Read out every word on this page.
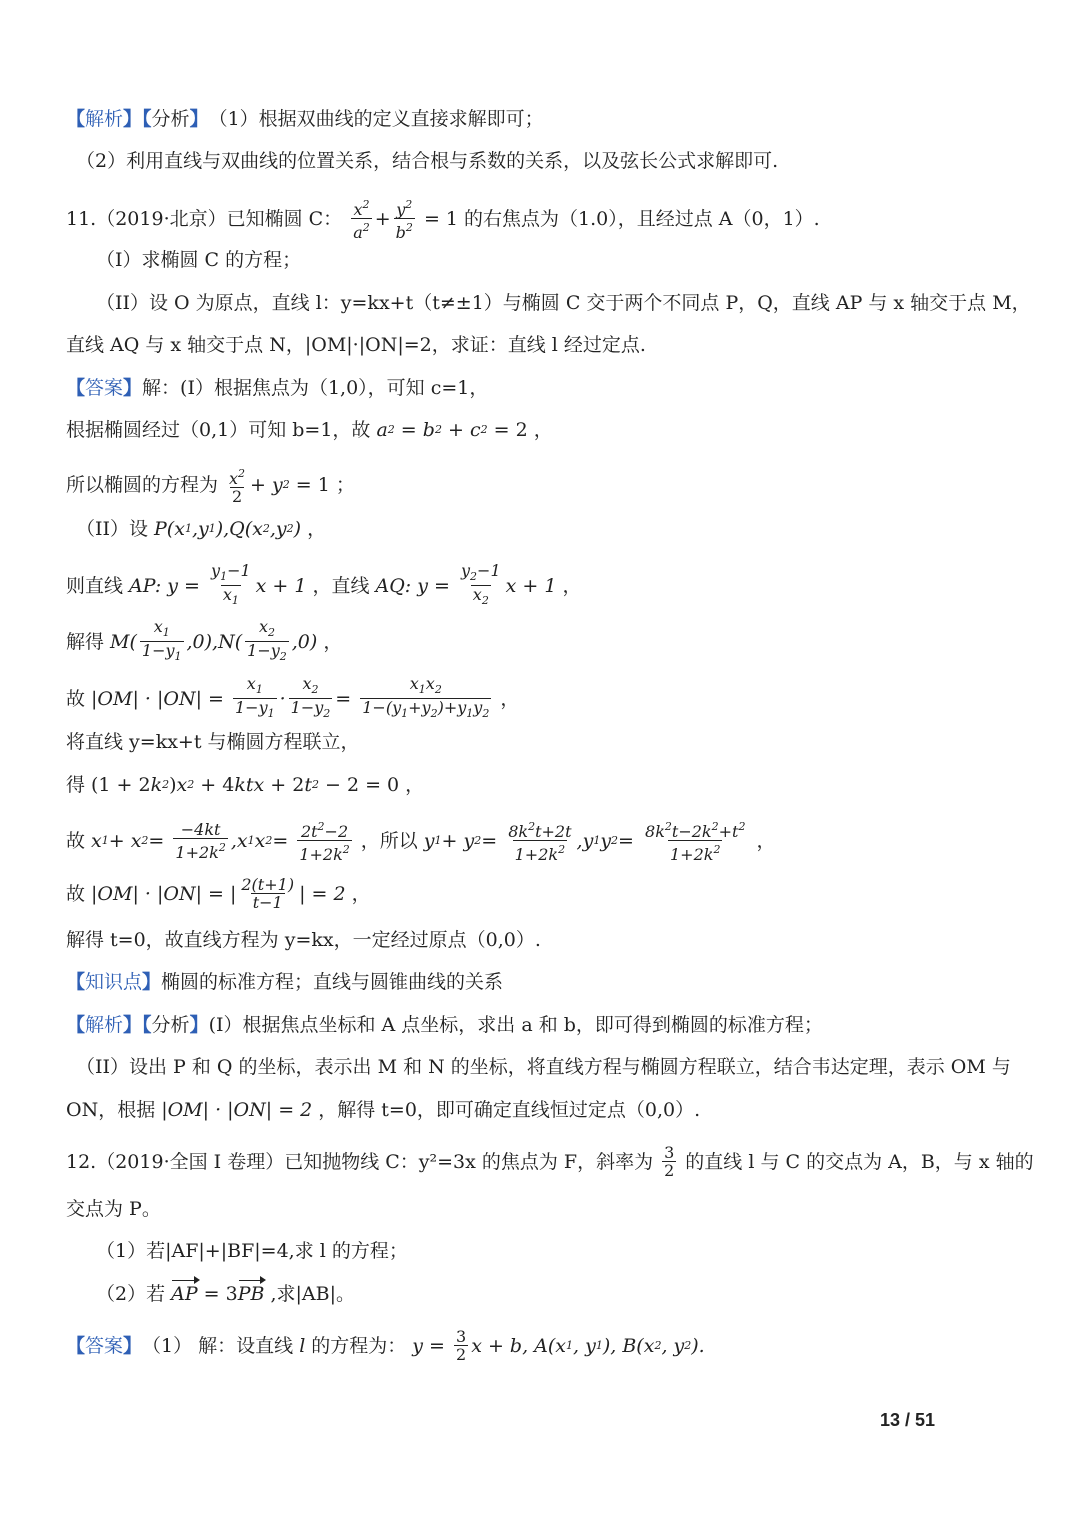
【 解析 】【 分析 】 （1）根据双曲线的定义直接求解即可；
（2）利用直线与双曲线的位置关系，结合根与系数的关系，以及弦长公式求解即可.
11.（2019·北京）已知椭圆 C： $\frac{x^2}{a^2} + \frac{y^2}{b^2} = 1$ 的右焦点为（1.0），且经过点 A（0，1）.
（I）求椭圆 C 的方程；
（II）设 O 为原点，直线 l：y=kx+t（t≠±1）与椭圆 C 交于两个不同点 P，Q，直线 AP 与 x 轴交于点 M，
直线 AQ 与 x 轴交于点 N，|OM|·|ON|=2，求证：直线 l 经过定点.
【 答案 】 解：(I）根据焦点为（1,0），可知 c=1，
根据椭圆经过（0,1）可知 b=1，故 a 2 = b 2 + c 2 = 2 ，
所以椭圆的方程为 $\frac{x^2}{2} + y$ 2 = 1 ；
（II）设 P(x 1 ,y 1 ),Q(x 2 ,y 2 ) ，
则直线 AP: $y = \frac{y_1-1}{x_1}$ x + 1 ，直线 AQ: $y = \frac{y_2-1}{x_2}$ x + 1 ，
解得 $M( \frac{x_1}{1-y_1} ,0),N( \frac{x_2}{1-y_2} ,0)$ ，
故 $|OM| \cdot |ON| = \frac{x_1}{1-y_1} \cdot \frac{x_2}{1-y_2} = \frac{x_1x_2}{1-(y_1+y_2)+y_1y_2}$ ，
将直线 y=kx+t 与椭圆方程联立，
得 (1 + 2 k 2 ) x 2 + 4 ktx + 2 t 2 − 2 = 0 ，
故 x 1 + x $2 = \frac{-4kt}{1+2k^2} ,x$ 1 x $2 = \frac{2t^2-2}{1+2k^2}$ ，所以 y 1 + y $2 = \frac{8k^2t+2t}{1+2k^2} ,y$ 1 y $2 = \frac{8k^2t-2k^2+t^2}{1+2k^2}$ ，
故 |OM| · |ON| = | $\frac{2(t+1)}{t-1}$ | = 2 ，
解得 t=0，故直线方程为 y=kx，一定经过原点（0,0）.
【 知识点 】 椭圆的标准方程；直线与圆锥曲线的关系
【 解析 】【 分析 】 (I）根据焦点坐标和 A 点坐标，求出 a 和 b，即可得到椭圆的标准方程；
（II）设出 P 和 Q 的坐标，表示出 M 和 N 的坐标，将直线方程与椭圆方程联立，结合韦达定理，表示 OM 与
ON，根据 |OM| · |ON| = 2 ，解得 t=0，即可确定直线恒过定点（0,0）.
12.（2019·全国 I 卷理）已知抛物线 C：y²=3x 的焦点为 F，斜率为 $\frac{3}{2}$ 的直线 l 与 C 的交点为 A，B，与 x 轴的
交点为 P。
（1）若|AF|+|BF|=4,求 l 的方程；
（2）若 AP
= 3 PB ,求|AB|。
【 答案 】 （1） 解：设直线 l 的方程为： $y = \frac{3}{2}$ x + b, A(x 1 , y 1 ), B(x 2 , y 2 ).
13 / 51
